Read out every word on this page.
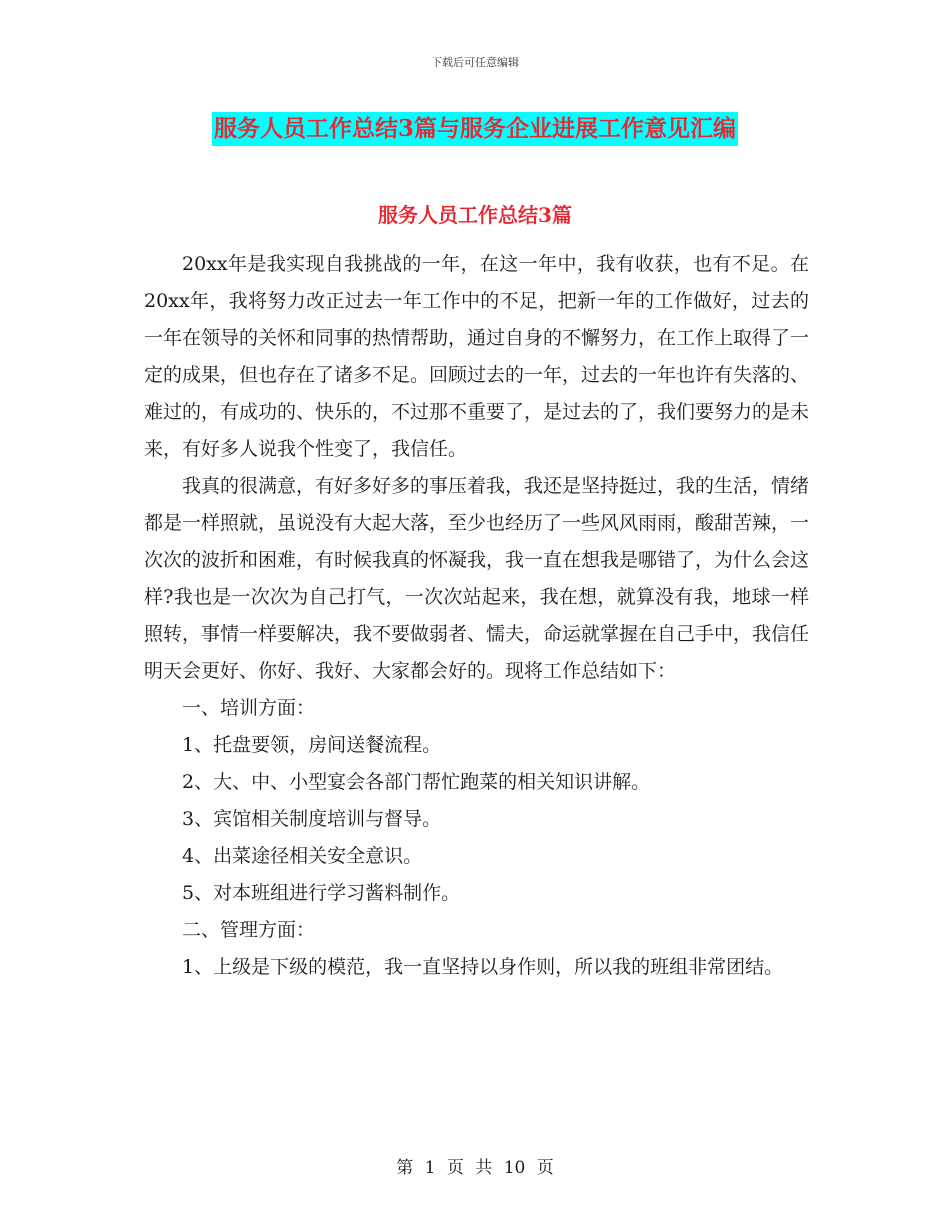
下载后可任意编辑
服务人员工作总结3篇与服务企业进展工作意见汇编
服务人员工作总结3篇

20xx年是我实现自我挑战的一年，在这一年中，我有收获，也有不足。在20xx年，我将努力改正过去一年工作中的不足，把新一年的工作做好，过去的一年在领导的关怀和同事的热情帮助，通过自身的不懈努力，在工作上取得了一定的成果，但也存在了诸多不足。回顾过去的一年，过去的一年也许有失落的、难过的，有成功的、快乐的，不过那不重要了，是过去的了，我们要努力的是未来，有好多人说我个性变了，我信任。

我真的很满意，有好多好多的事压着我，我还是坚持挺过，我的生活，情绪都是一样照就，虽说没有大起大落，至少也经历了一些风风雨雨，酸甜苦辣，一次次的波折和困难，有时候我真的怀凝我，我一直在想我是哪错了，为什么会这样?我也是一次次为自己打气，一次次站起来，我在想，就算没有我，地球一样照转，事情一样要解决，我不要做弱者、懦夫，命运就掌握在自己手中，我信任明天会更好、你好、我好、大家都会好的。现将工作总结如下：

一、培训方面：

1、托盘要领，房间送餐流程。

2、大、中、小型宴会各部门帮忙跑菜的相关知识讲解。

3、宾馆相关制度培训与督导。

4、出菜途径相关安全意识。

5、对本班组进行学习酱料制作。

二、管理方面：

1、上级是下级的模范，我一直坚持以身作则，所以我的班组非常团结。

第 1 页 共 10 页
